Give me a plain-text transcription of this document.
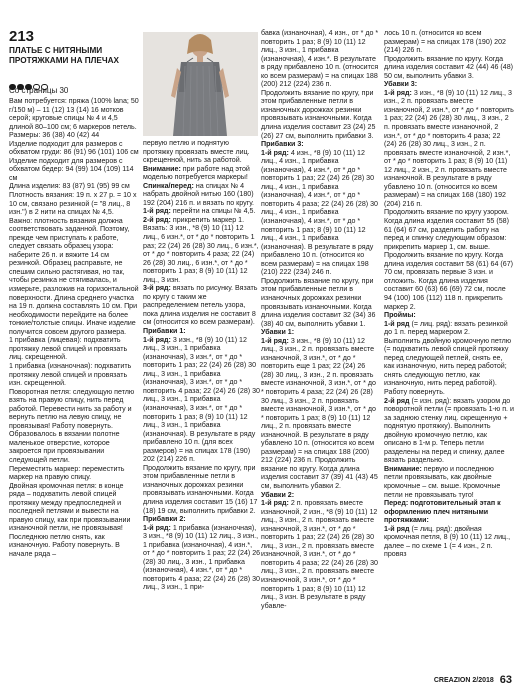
213
ПЛАТЬЕ С НИТЯНЫМИ ПРОТЯЖКАМИ НА ПЛЕЧАХ
Со страницы 30

Вам потребуется: пряжа (100% lana; 50 г/150 м) – 11 (12) 13 (14) 16 мотков серой; круговые спицы № 4 и 4,5 длиной 80–100 см; 6 маркеров петель.

Размеры: 36 (38) 40 (42) 44

Изделие подходит для размеров с обхватом груди: 86 (91) 96 (101) 106 см

Изделие подходит для размеров с обхватом бедер: 94 (99) 104 (109) 114 см

Длина изделия: 83 (87) 91 (95) 99 см

Плотность вязания: 19 п. х 27 р. = 10 х 10 см, связано резинкой (= "8 лиц., 8 изн.") в 2 нити на спицах № 4,5.

Важно: плотность вязания должна соответствовать заданной. Поэтому, прежде чем приступать к работе, следует связать образец узора: наберите 26 п. и вяжите 14 см резинкой. Образец расправьте, не спешим сильно растягивая, но так, чтобы резинка не стягивалась, и измерьте, разложив на горизонтальной поверхности. Длина среднего участка на 19 п. должна составлять 10 см. При необходимости перейдите на более тонкие/толстые спицы. Иначе изделие получится совсем другого размера.

1 прибавка (лицевая): подхватить протяжку левой спицей и провязать лиц. скрещенной.

1 прибавка (изнаночная): подхватить протяжку левой спицей и провязать изн. скрещенной.

Поворотная петля: следующую петлю взять на правую спицу, нить перед работой. Перевести нить за работу и вернуть петлю на левую спицу, не провязывая! Работу повернуть. Образовалось в вязании полотне маленькое отверстие, которое закроется при провязывании следующей петли.

Переместить маркер: переместить маркер на правую спицу.

Двойная кромочная петля: в конце ряда – подхватить левой спицей протяжку между предпоследней и последней петлями и вывести на правую спицу, как при провязывании изнаночной петли, не провязывая! Последнюю петлю снять, как изнаночную. Работу повернуть. В начале ряда –

первую петлю и поднятую протяжку провязать вместе лиц. скрещенной, нить за работой.

Внимание: при работе над этой моделью потребуется маркеры!

Спинка/перед: на спицах № 4 набрать двойной нитью 160 (180) 192 (204) 216 п. и вязать по кругу.

1-й ряд: перейти на спицы № 4,5.

2-й ряд: прикрепить маркер 1. Вязать: 3 изн., *8 (9) 10 (11) 12 лиц., 6 изн.*, от * до * повторить 1 раз; 22 (24) 26 (28) 30 лиц., 6 изн.*, от * до * повторить 4 раза; 22 (24) 26 (28) 30 лиц., 6 изн.*, от * до * повторить 1 раз; 8 (9) 10 (11) 12 лиц., 3 изн.

3-й ряд: вязать по рисунку. Вязать по кругу с таким же распределением петель узора, пока длина изделия не составит 8 см (относится ко всем размерам).

Прибавки 1:

1-й ряд: 3 изн., *8 (9) 10 (11) 12 лиц., 3 изн., 1 прибавка (изнаночная), 3 изн.*, от * до * повторить 1 раз; 22 (24) 26 (28) 30 лиц., 3 изн., 1 прибавка (изнаночная), 3 изн.*, от * до * повторить 4 раза; 22 (24) 26 (28) 30 лиц., 3 изн., 1 прибавка (изнаночная), 3 изн.*, от * до * повторить 1 раз; 8 (9) 10 (11) 12 лиц., 3 изн., 1 прибавка (изнаночная). В результате в ряду прибавлено 10 п. (для всех размеров) = на спицах 178 (190) 202 (214) 226 п.

Продолжить вязание по кругу, при этом прибавленные петли в изнаночных дорожках резинки провязывать изнаночными. Когда длина изделия составит 15 (16) 17 (18) 19 см, выполнить прибавки 2.

Прибавки 2:

1-й ряд: 1 прибавка (изнаночная), 3 изн., *8 (9) 10 (11) 12 лиц., 3 изн., 1 прибавка (изнаночная), 4 изн.*, от * до * повторить 1 раз; 22 (24) 26 (28) 30 лиц., 3 изн., 1 прибавка (изнаночная), 4 изн.*, от * до * повторить 4 раза; 22 (24) 26 (28) 30 лиц., 3 изн., 1 при-

бавка (изнаночная), 4 изн., от * до * повторить 1 раз; 8 (9) 10 (11) 12 лиц., 3 изн., 1 прибавка (изнаночная), 4 изн.*. В результате в ряду прибавлено 10 п. (относится ко всем размерам) = на спицах 188 (200) 212 (224) 236 п.

Продолжить вязание по кругу, при этом прибавленные петли в изнаночных дорожках резинки провязывать изнаночными. Когда длина изделия составит 23 (24) 25 (26) 27 см, выполнить прибавки 3.

Прибавки 3:

1-й ряд: 4 изн., *8 (9) 10 (11) 12 лиц., 4 изн., 1 прибавка (изнаночная), 4 изн.*, от * до * повторить 1 раз; 22 (24) 26 (28) 30 лиц., 4 изн., 1 прибавка (изнаночная), 4 изн.*, от * до * повторить 4 раза; 22 (24) 26 (28) 30 лиц., 4 изн., 1 прибавка (изнаночная), 4 изн.*, от * до * повторить 1 раз; 8 (9) 10 (11) 12 лиц., 4 изн., 1 прибавка (изнаночная). В результате в ряду прибавлено 10 п. (относится ко всем размерам) = на спицах 198 (210) 222 (234) 246 п.

Продолжить вязание по кругу, при этом прибавленные петли в изнаночных дорожках резинки провязывать изнаночными. Когда длина изделия составит 32 (34) 36 (38) 40 см, выполнить убавки 1.

Убавки 1:

1-й ряд: 3 изн., *8 (9) 10 (11) 12 лиц., 3 изн., 2 п. провязать вместе изнаночной, 3 изн.*, от * до * повторить еще 1 раз; 22 (24) 26 (28) 30 лиц., 3 изн., 2 п. провязать вместе изнаночной, 3 изн.*, от * до * повторить 4 раза; 22 (24) 26 (28) 30 лиц., 3 изн., 2 п. провязать вместе изнаночной, 3 изн.*, от * до * повторить 1 раз; 8 (9) 10 (11) 12 лиц., 2 п. провязать вместе изнаночной. В результате в ряду убавлено 10 п. (относится ко всем размерам) = на спицах 188 (200) 212 (224) 236 п. Продолжить вязание по кругу. Когда длина изделия составит 37 (39) 41 (43) 45 см, выполнить убавки 2.

Убавки 2:

1-й ряд: 2 п. провязать вместе изнаночной, 2 изн., *8 (9) 10 (11) 12 лиц., 3 изн., 2 п. провязать вместе изнаночной, 3 изн.*, от * до * повторить 1 раз; 22 (24) 26 (28) 30 лиц., 3 изн., 2 п. провязать вместе изнаночной, 3 изн.*, от * до * повторить 4 раза; 22 (24) 26 (28) 30 лиц., 3 изн., 2 п. провязать вместе изнаночной, 3 изн.*, от * до * повторить 1 раз; 8 (9) 10 (11) 12 лиц., 3 изн. В результате в ряду убавле-

лось 10 п. (относится ко всем размерам) = на спицах 178 (190) 202 (214) 226 п.

Продолжить вязание по кругу. Когда длина изделия составит 42 (44) 46 (48) 50 см, выполнить убавки 3.

Убавки 3:

1-й ряд: 3 изн., *8 (9) 10 (11) 12 лиц., 3 изн., 2 п. провязать вместе изнаночной, 2 изн.*, от * до * повторить 1 раз; 22 (24) 26 (28) 30 лиц., 3 изн., 2 п. провязать вместе изнаночной, 2 изн.*, от * до * повторить 4 раза; 22 (24) 26 (28) 30 лиц., 3 изн., 2 п. провязать вместе изнаночной, 2 изн.*, от * до * повторить 1 раз; 8 (9) 10 (11) 12 лиц., 2 изн., 2 п. провязать вместе изнаночной. В результате в ряду убавлено 10 п. (относится ко всем размерам) = на спицах 168 (180) 192 (204) 216 п.

Продолжить вязание по кругу узором. Когда длина изделия составит 55 (58) 61 (64) 67 см, разделить работу на перед и спинку следующим образом: прикрепить маркер 1, см. выше.

Продолжить вязание по кругу. Когда длина изделия составит 58 (61) 64 (67) 70 см, провязать первые 3 изн. и отложить. Когда длина изделия составит 60 (63) 66 (69) 72 см, после 94 (100) 106 (112) 118 п. прикрепить маркер 2.

Проймы:

1-й ряд (= лиц. ряд): вязать резинкой до 1 п. перед маркером 2.

Выполнить двойную кромочную петлю (= подхватить левой спицей протяжку перед следующей петлей, снять ее, как изнаночную, нить перед работой; снять следующую петлю, как изнаночную, нить перед работой). Работу повернуть.

2-й ряд (= изн. ряд): вязать узором до поворотной петли (= провязать 1-ю п. и за заднюю стенку лиц. скрещенную + поднятую протяжку). Выполнить двойную кромочную петлю, как описано в 1-м р. Теперь петли разделены на перед и спинку, далее вязать раздельно.

Внимание: первую и последнюю петли провязывать, как двойные кромочные – см. выше. Кромочные петли не провязывать туго!

Перед: подготовительный этап к оформлению плеч нитяными протяжками:

1-й ряд (= лиц. ряд): двойная кромочная петля, 8 (9) 10 (11) 12 лиц., далее – по схеме 1 (= 4 изн., 2 п. провяз

CREAZION 2/2018 63
